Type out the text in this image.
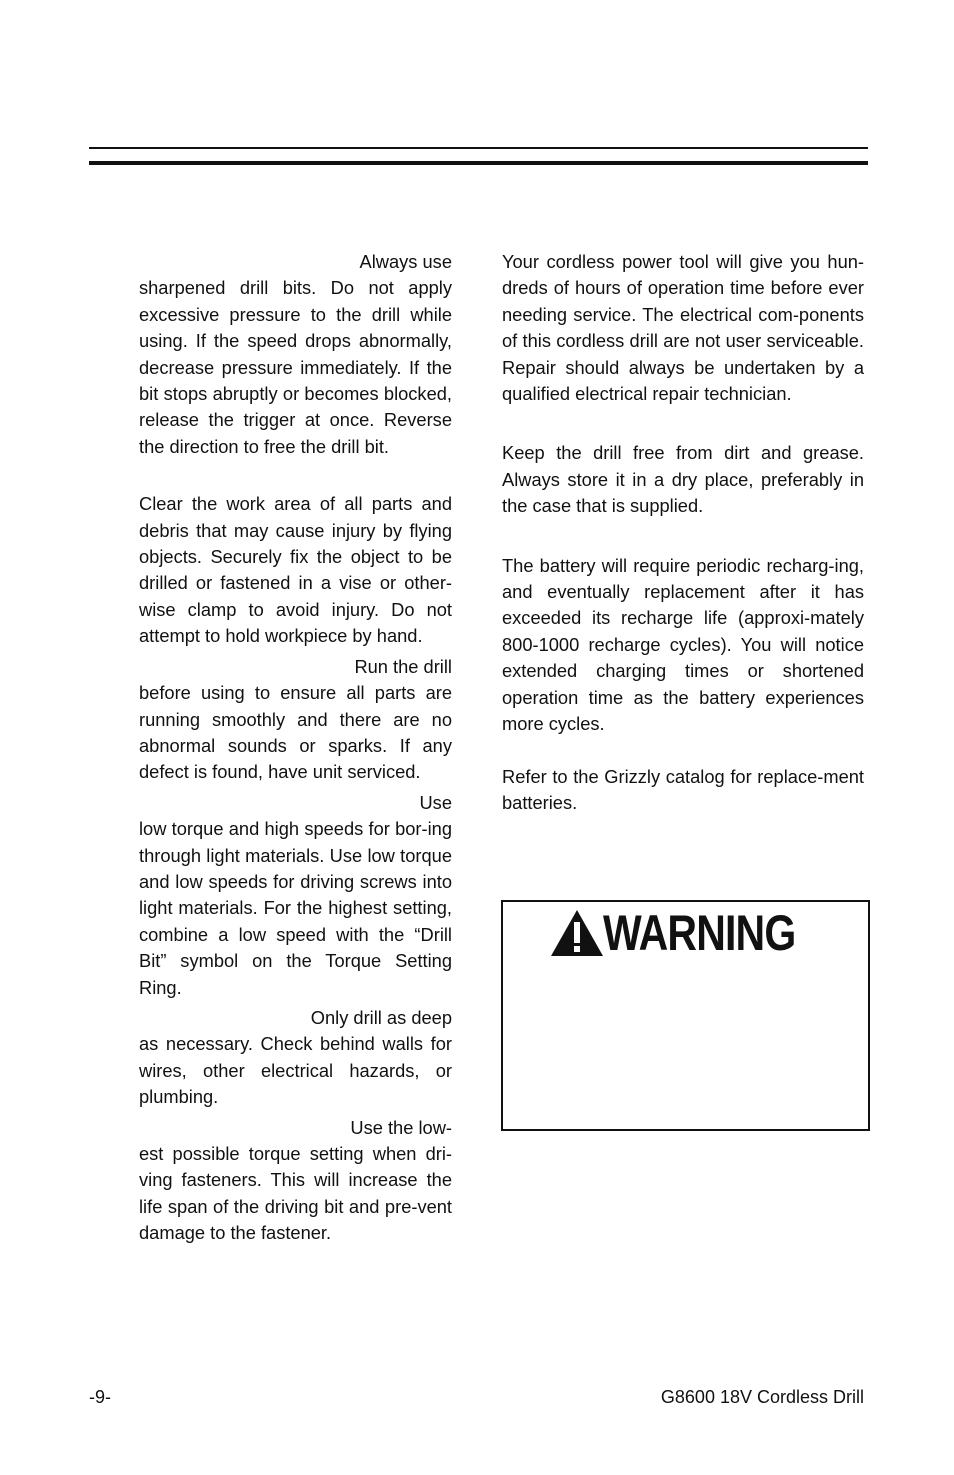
Always use
sharpened drill bits. Do not apply excessive pressure to the drill while using. If the speed drops abnormally, decrease pressure immediately. If the bit stops abruptly or becomes blocked, release the trigger at once. Reverse the direction to free the drill bit.

Clear the work area of all parts and debris that may cause injury by flying objects. Securely fix the object to be drilled or fastened in a vise or other-wise clamp to avoid injury. Do not attempt to hold workpiece by hand.

Run the drill
before using to ensure all parts are running smoothly and there are no abnormal sounds or sparks. If any defect is found, have unit serviced.

Use
low torque and high speeds for bor-ing through light materials. Use low torque and low speeds for driving screws into light materials. For the highest setting, combine a low speed with the “Drill Bit” symbol on the Torque Setting Ring.

Only drill as deep
as necessary. Check behind walls for wires, other electrical hazards, or plumbing.

Use the low-
est possible torque setting when dri-ving fasteners. This will increase the life span of the driving bit and pre-vent damage to the fastener.

Your cordless power tool will give you hun-dreds of hours of operation time before ever needing service. The electrical com-ponents of this cordless drill are not user serviceable. Repair should always be undertaken by a qualified electrical repair technician.

Keep the drill free from dirt and grease. Always store it in a dry place, preferably in the case that is supplied.

The battery will require periodic recharg-ing, and eventually replacement after it has exceeded its recharge life (approxi-mately 800-1000 recharge cycles). You will notice extended charging times or shortened operation time as the battery experiences more cycles.

Refer to the Grizzly catalog for replace-ment batteries.

WARNING
-9-	G8600 18V Cordless Drill
